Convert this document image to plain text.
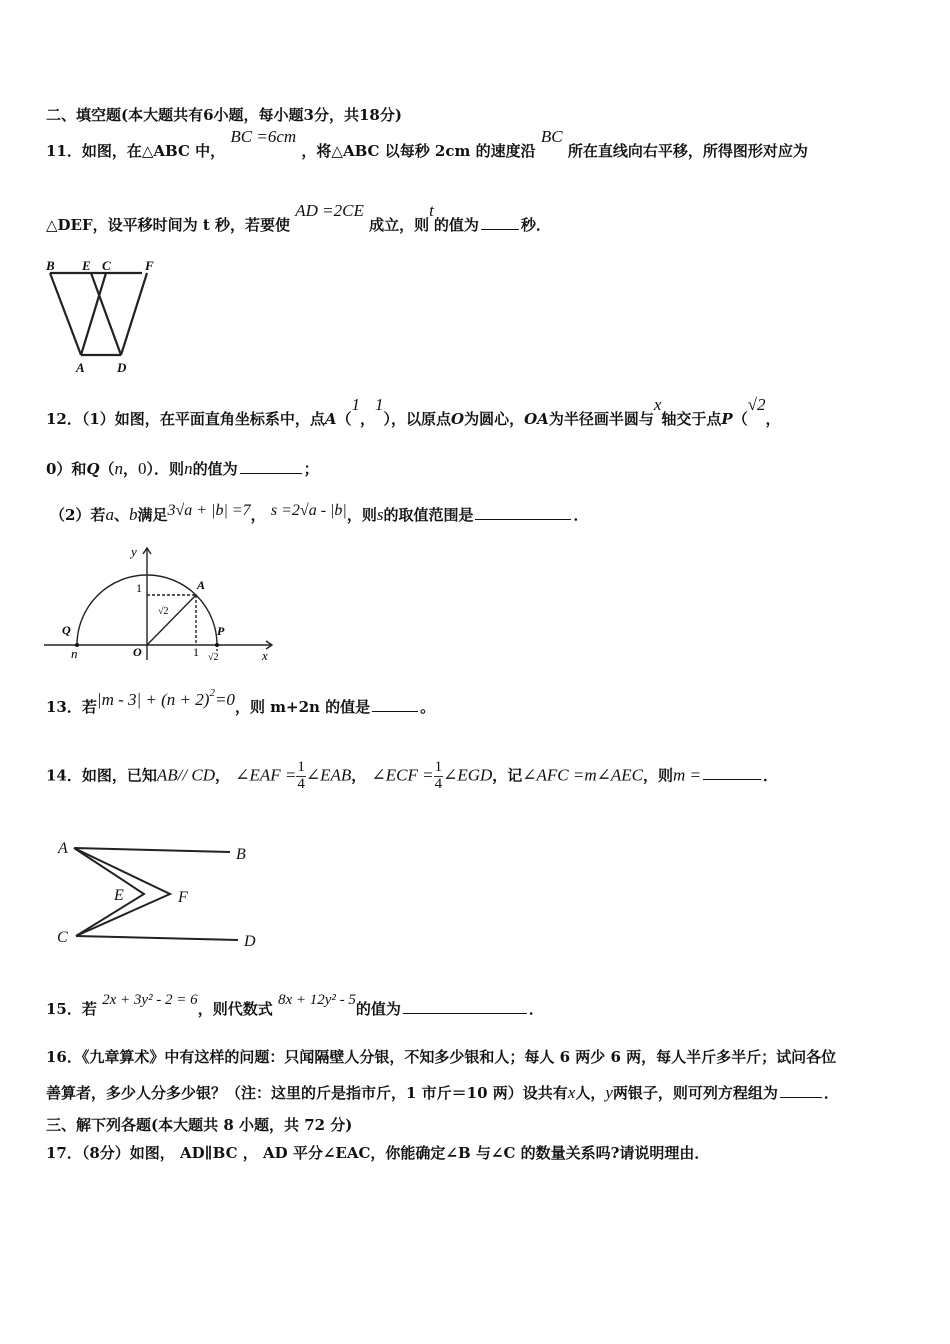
二、填空题(本大题共有6小题，每小题3分，共18分)
11．如图，在△ABC 中， BC =6cm ，将△ABC 以每秒 2cm 的速度沿 BC 所在直线向右平移，所得图形对应为
△DEF，设平移时间为 t 秒，若要使 AD =2CE 成立，则t的值为	秒．
B E C	F
A D
12．（1）如图，在平面直角坐标系中，点A（1，1），以原点O为圆心，OA为半径画半圆与x轴交于点P（√2，
0）和Q（n，0）．则n的值为	；
（2）若a、b满足3√a + |b| =7， s =2√a - |b|，则s的取值范围是	．
y
1	A
√2
Q
O
P
n	1 √2	x
13．若$|m - 3| + (n + 2)^2=0$，则 m+2n 的值是	。
14．如图，已知AB// CD， ∠EAF = $\frac{1}{4}$ ∠EAB， ∠ECF = $\frac{1}{4}$ ∠EGD，记∠AFC =m∠AEC，则m =	．
A	B
E	F
C	D
15．若 2x + 3y² - 2 = 6，则代数式 8x + 12y² - 5的值为	．
16．《九章算术》中有这样的问题：只闻隔壁人分银，不知多少银和人；每人 6 两少 6 两，每人半斤多半斤；试问各位
善算者，多少人分多少银？（注：这里的斤是指市斤，1 市斤＝10 两）设共有x人，y两银子，则可列方程组为	．
三、解下列各题(本大题共 8 小题，共 72 分)
17．（8分）如图， AD∥BC ， AD 平分∠EAC，你能确定∠B 与∠C 的数量关系吗?请说明理由．
